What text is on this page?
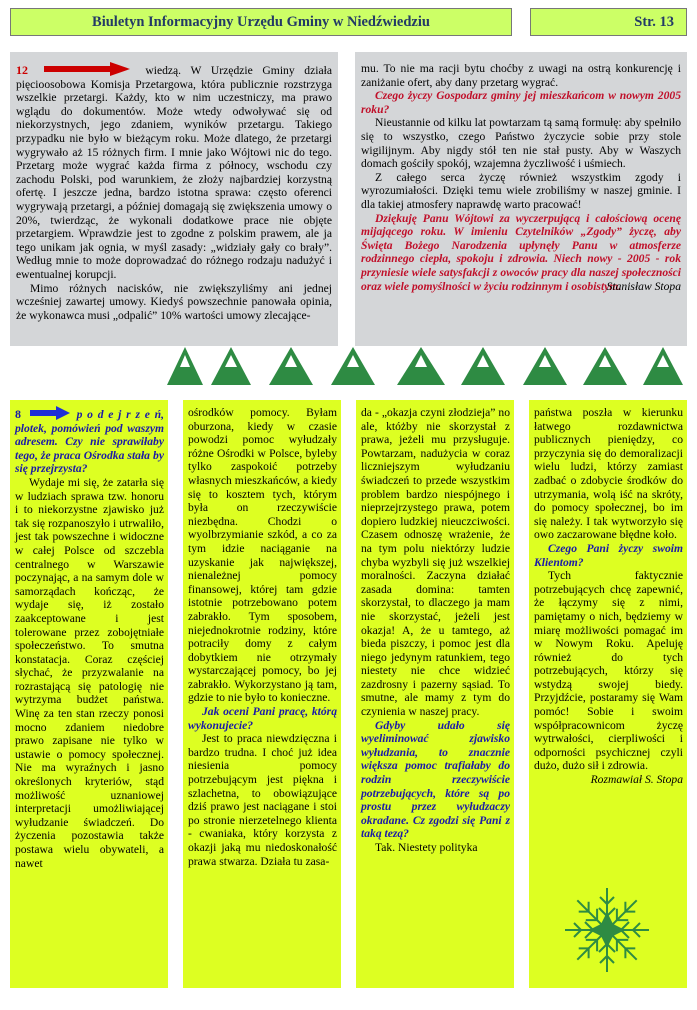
Biuletyn Informacyjny Urzędu Gminy w Niedźwiedziu	Str. 13

12	wiedzą. W Urzędzie Gminy działa pięcioosobowa Komisja Przetargowa, która publicznie rozstrzyga wszelkie przetargi. Każdy, kto w nim uczestniczy, ma prawo wglądu do dokumentów. Może wtedy odwoływać się od niekorzystnych, jego zdaniem, wyników przetargu. Takiego przypadku nie było w bieżącym roku. Może dlatego, że przetargi wygrywało aż 15 różnych firm. I mnie jako Wójtowi nic do tego. Przetarg może wygrać każda firma z północy, wschodu czy zachodu Polski, pod warunkiem, że złoży najbardziej korzystną ofertę. I jeszcze jedna, bardzo istotna sprawa: często oferenci wygrywają przetargi, a później domagają się zwiększenia umowy o 20%, twierdząc, że wykonali dodatkowe prace nie objęte przetargiem. Wprawdzie jest to zgodne z polskim prawem, ale ja tego unikam jak ognia, w myśl zasady: „widziały gały co brały”. Według mnie to może doprowadzać do różnego rodzaju nadużyć i ewentualnej korupcji.

Mimo różnych nacisków, nie zwiększyliśmy ani jednej wcześniej zawartej umowy. Kiedyś powszechnie panowała opinia, że wykonawca musi „odpalić” 10% wartości umowy zlecające-

mu. To nie ma racji bytu choćby z uwagi na ostrą konkurencję i zaniżanie ofert, aby dany przetarg wygrać.

Czego życzy Gospodarz gminy jej mieszkańcom w nowym 2005 roku?

Nieustannie od kilku lat powtarzam tą samą formułę: aby spełniło się to wszystko, czego Państwo życzycie sobie przy stole wigilijnym. Aby nigdy stół ten nie stał pusty. Aby w Waszych domach gościły spokój, wzajemna życzliwość i uśmiech.

Z całego serca życzę również wszystkim zgody i wyrozumiałości. Dzięki temu wiele zrobiliśmy w naszej gminie. I dla takiej atmosfery naprawdę warto pracować!

Dziękuję Panu Wójtowi za wyczerpującą i całościową ocenę mijającego roku. W imieniu Czytelników „Zgody” życzę, aby Święta Bożego Narodzenia upłynęły Panu w atmosferze rodzinnego ciepła, spokoju i zdrowia. Niech nowy - 2005 - rok przyniesie wiele satysfakcji z owoców pracy dla naszej społeczności oraz wiele pomyślności w życiu rodzinnym i osobistym.

Stanisław Stopa

8	p o d e j r z e ń, plotek, pomówień pod waszym adresem. Czy nie sprawiłaby tego, że praca Ośrodka stała by się przejrzysta?

Wydaje mi się, że zatarła się w ludziach sprawa tzw. honoru i to niekorzystne zjawisko już tak się rozpanoszyło i utrwaliło, jest tak powszechne i widoczne w całej Polsce od szczebla centralnego w Warszawie poczynając, a na samym dole w samorządach kończąc, że wydaje się, iż zostało zaakceptowane i jest tolerowane przez zobojętniałe społeczeństwo. To smutna konstatacja. Coraz częściej słychać, że przyzwalanie na rozrastającą się patologię nie wytrzyma budżet państwa. Winę za ten stan rzeczy ponosi mocno zdaniem niedobre prawo zapisane nie tylko w ustawie o pomocy społecznej. Nie ma wyraźnych i jasno określonych kryteriów, stąd możliwość uznaniowej interpretacji umożliwiającej wyłudzanie świadczeń. Do życzenia pozostawia także postawa wielu obywateli, a nawet

ośrodków pomocy. Byłam oburzona, kiedy w czasie powodzi pomoc wyłudzały różne Ośrodki w Polsce, byleby tylko zaspokoić potrzeby własnych mieszkańców, a kiedy się to kosztem tych, którym była on rzeczywiście niezbędna. Chodzi o wyolbrzymianie szkód, a co za tym idzie naciąganie na uzyskanie jak największej, nienależnej pomocy finansowej, której tam gdzie istotnie potrzebowano potem zabrakło. Tym sposobem, niejednokrotnie rodziny, które potraciły domy z całym dobytkiem nie otrzymały wystarczającej pomocy, bo jej zabrakło. Wykorzystano ją tam, gdzie to nie było to konieczne.

Jak oceni Pani pracę, którą wykonujecie?

Jest to praca niewdzięczna i bardzo trudna. I choć już idea niesienia pomocy potrzebującym jest piękna i szlachetna, to obowiązujące dziś prawo jest naciągane i stoi po stronie nierzetelnego klienta - cwaniaka, który korzysta z okazji jaką mu niedoskonałość prawa stwarza. Działa tu zasa-

da - „okazja czyni złodzieja” no ale, któżby nie skorzystał z prawa, jeżeli mu przysługuje. Powtarzam, nadużycia w coraz liczniejszym wyłudzaniu świadczeń to przede wszystkim problem bardzo niespójnego i nieprzejrzystego prawa, potem dopiero ludzkiej nieuczciwości. Czasem odnoszę wrażenie, że na tym polu niektórzy ludzie chyba wyzbyli się już wszelkiej moralności. Zaczyna działać zasada domina: tamten skorzystał, to dlaczego ja mam nie skorzystać, jeżeli jest okazja! A, że u tamtego, aż bieda piszczy, i pomoc jest dla niego jedynym ratunkiem, tego niestety nie chce widzieć zazdrosny i pazerny sąsiad. To smutne, ale mamy z tym do czynienia w naszej pracy.

Gdyby udało się wyeliminować zjawisko wyłudzania, to znacznie większa pomoc trafiałaby do rodzin rzeczywiście potrzebujących, które są po prostu przez wyłudzaczy okradane. Cz zgodzi się Pani z taką tezą?

Tak. Niestety polityka

państwa poszła w kierunku łatwego rozdawnictwa publicznych pieniędzy, co przyczynia się do demoralizacji wielu ludzi, którzy zamiast zadbać o zdobycie środków do utrzymania, wolą iść na skróty, do pomocy społecznej, bo im się należy. I tak wytworzyło się owo zaczarowane błędne koło.

Czego Pani życzy swoim Klientom?

Tych faktycznie potrzebujących chcę zapewnić, że łączymy się z nimi, pamiętamy o nich, będziemy w miarę możliwości pomagać im w Nowym Roku. Apeluję również do tych potrzebujących, którzy się wstydzą swojej biedy. Przyjdźcie, postaramy się Wam pomóc! Sobie i swoim współpracownicom życzę wytrwałości, cierpliwości i odporności psychicznej czyli dużo, dużo sił i zdrowia.

Rozmawiał S. Stopa
